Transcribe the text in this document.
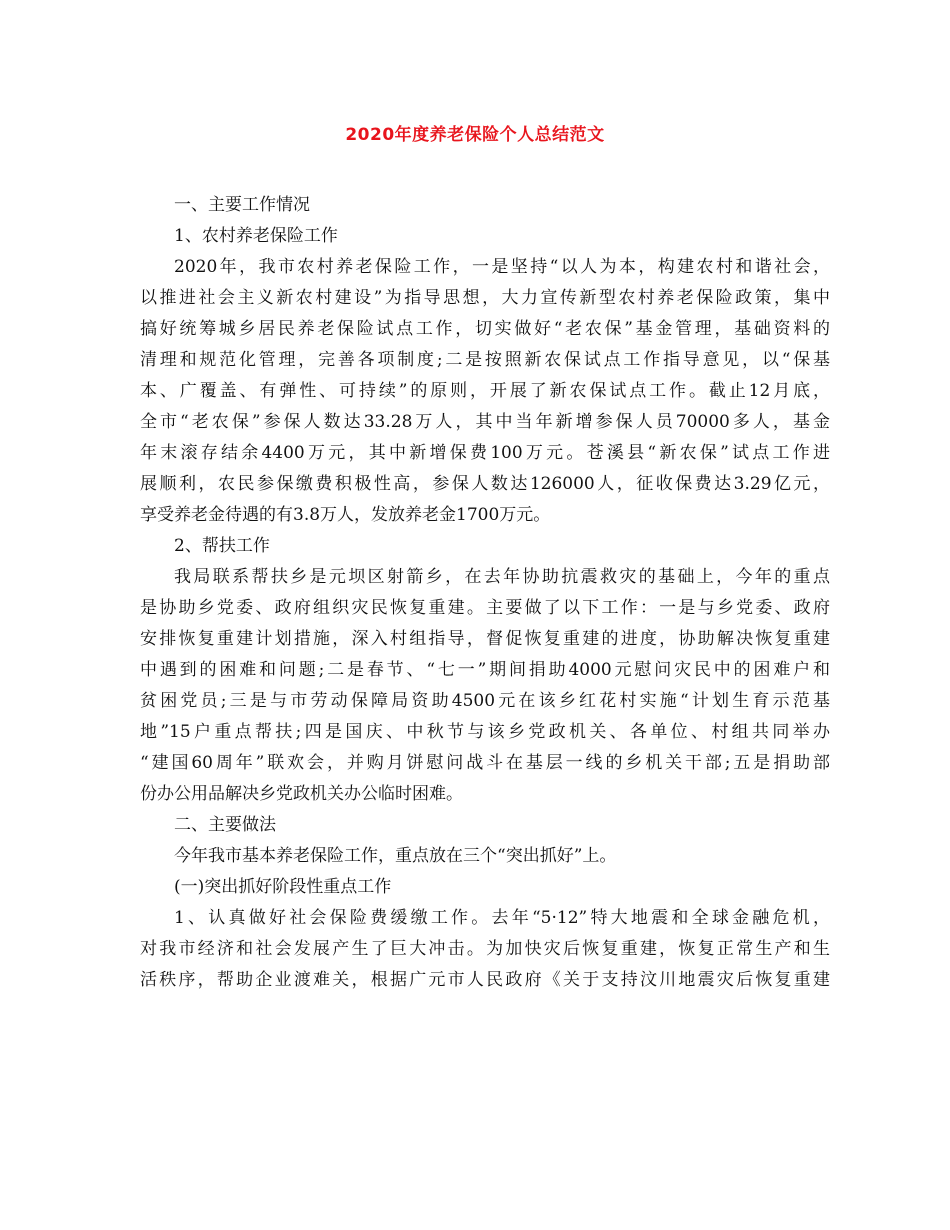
2020年度养老保险个人总结范文
一、主要工作情况
1、农村养老保险工作
2020年，我市农村养老保险工作，一是坚持“以人为本，构建农村和谐社会，
以推进社会主义新农村建设”为指导思想，大力宣传新型农村养老保险政策，集中
搞好统筹城乡居民养老保险试点工作，切实做好“老农保”基金管理，基础资料的
清理和规范化管理，完善各项制度;二是按照新农保试点工作指导意见，以“保基
本、广覆盖、有弹性、可持续”的原则，开展了新农保试点工作。截止12月底，
全市“老农保”参保人数达33.28万人，其中当年新增参保人员70000多人，基金
年末滚存结余4400万元，其中新增保费100万元。苍溪县“新农保”试点工作进
展顺利，农民参保缴费积极性高，参保人数达126000人，征收保费达3.29亿元，
享受养老金待遇的有3.8万人，发放养老金1700万元。
2、帮扶工作
我局联系帮扶乡是元坝区射箭乡，在去年协助抗震救灾的基础上，今年的重点
是协助乡党委、政府组织灾民恢复重建。主要做了以下工作：一是与乡党委、政府
安排恢复重建计划措施，深入村组指导，督促恢复重建的进度，协助解决恢复重建
中遇到的困难和问题;二是春节、“七一”期间捐助4000元慰问灾民中的困难户和
贫困党员;三是与市劳动保障局资助4500元在该乡红花村实施“计划生育示范基
地”15户重点帮扶;四是国庆、中秋节与该乡党政机关、各单位、村组共同举办
“建国60周年”联欢会，并购月饼慰问战斗在基层一线的乡机关干部;五是捐助部
份办公用品解决乡党政机关办公临时困难。
二、主要做法
今年我市基本养老保险工作，重点放在三个“突出抓好”上。
(一)突出抓好阶段性重点工作
1、认真做好社会保险费缓缴工作。去年“5·12”特大地震和全球金融危机，
对我市经济和社会发展产生了巨大冲击。为加快灾后恢复重建，恢复正常生产和生
活秩序，帮助企业渡难关，根据广元市人民政府《关于支持汶川地震灾后恢复重建
